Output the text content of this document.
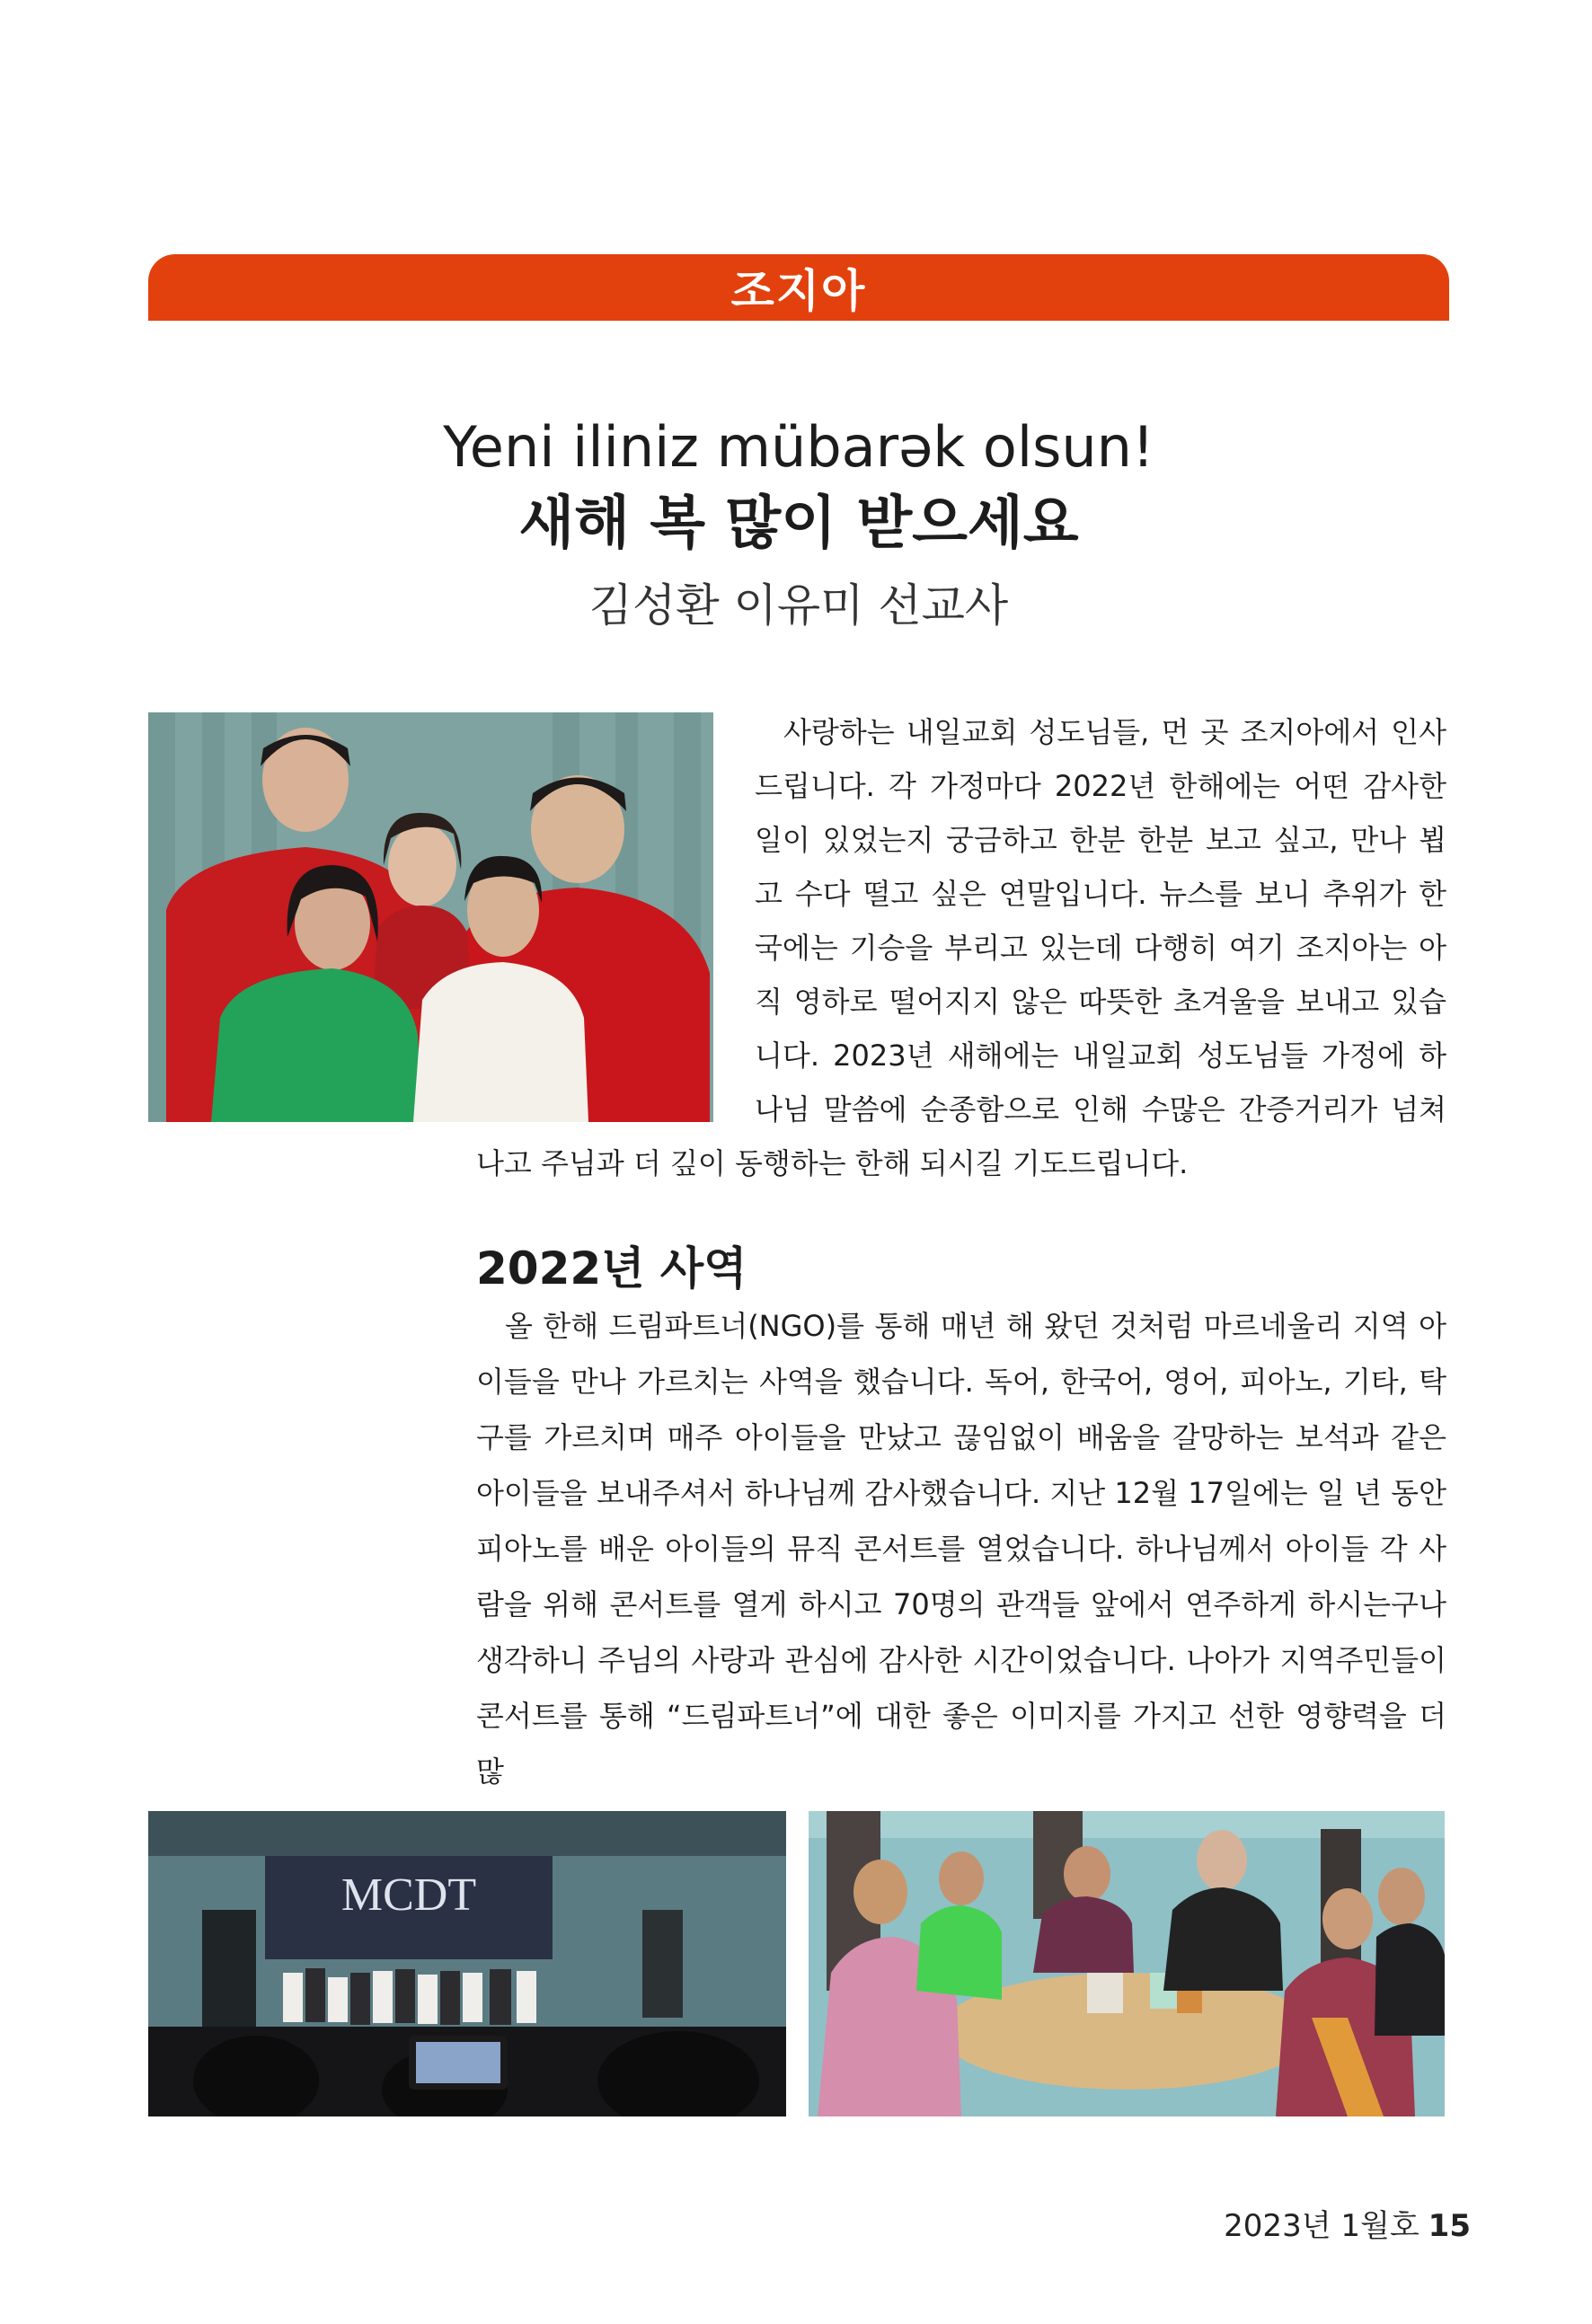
조지아
Yeni iliniz mübarək olsun!
새해 복 많이 받으세요
김성환 이유미 선교사

사랑하는 내일교회 성도님들, 먼 곳 조지아에서 인사드립니다. 각 가정마다 2022년 한해에는 어떤 감사한 일이 있었는지 궁금하고 한분 한분 보고 싶고, 만나 뵙고 수다 떨고 싶은 연말입니다. 뉴스를 보니 추위가 한국에는 기승을 부리고 있는데 다행히 여기 조지아는 아직 영하로 떨어지지 않은 따뜻한 초겨울을 보내고 있습니다. 2023년 새해에는 내일교회 성도님들 가정에 하나님 말씀에 순종함으로 인해 수많은 간증거리가 넘쳐나고 주님과 더 깊이 동행하는 한해 되시길 기도드립니다.

2022년 사역

올 한해 드림파트너(NGO)를 통해 매년 해 왔던 것처럼 마르네울리 지역 아이들을 만나 가르치는 사역을 했습니다. 독어, 한국어, 영어, 피아노, 기타, 탁구를 가르치며 매주 아이들을 만났고 끊임없이 배움을 갈망하는 보석과 같은 아이들을 보내주셔서 하나님께 감사했습니다. 지난 12월 17일에는 일 년 동안 피아노를 배운 아이들의 뮤직 콘서트를 열었습니다. 하나님께서 아이들 각 사람을 위해 콘서트를 열게 하시고 70명의 관객들 앞에서 연주하게 하시는구나 생각하니 주님의 사랑과 관심에 감사한 시간이었습니다. 나아가 지역주민들이 콘서트를 통해 “드림파트너”에 대한 좋은 이미지를 가지고 선한 영향력을 더 많

MCDT
2023년 1월호 15
